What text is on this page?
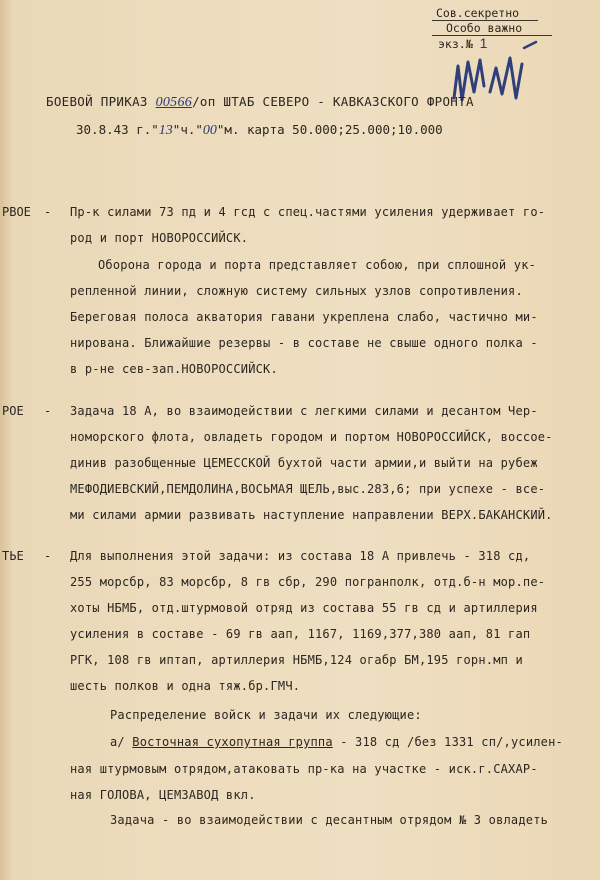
Сов.секретно
Особо важно
экз.№ 1
БОЕВОЙ ПРИКАЗ 00566/оп ШТАБ СЕВЕРО - КАВКАЗСКОГО ФРОНТА
30.8.43 г."13"ч."00"м. карта 50.000;25.000;10.000
РВОЕ - Пр-к силами 73 пд и 4 гсд с спец.частями усиления удерживает го-
род и порт НОВОРОССИЙСК.
Оборона города и порта представляет собою, при сплошной ук-
репленной линии, сложную систему сильных узлов сопротивления.
Береговая полоса акватория гавани укреплена слабо, частично ми-
нирована. Ближайшие резервы - в составе не свыше одного полка -
в р-не сев-зап.НОВОРОССИЙСК.
РОЕ - Задача 18 А, во взаимодействии с легкими силами и десантом Чер-
номорского флота, овладеть городом и портом НОВОРОССИЙСК, воссое-
динив разобщенные ЦЕМЕССКОЙ бухтой части армии,и выйти на рубеж
МЕФОДИЕВСКИЙ,ПЕМДОЛИНА,ВОСЬМАЯ ЩЕЛЬ,выс.283,6; при успехе - все-
ми силами армии развивать наступление направлении ВЕРХ.БАКАНСКИЙ.
ТЬЕ - Для выполнения этой задачи: из состава 18 А привлечь - 318 сд,
255 морсбр, 83 морсбр, 8 гв сбр, 290 погранполк, отд.б-н мор.пе-
хоты НБМБ, отд.штурмовой отряд из состава 55 гв сд и артиллерия
усиления в составе - 69 гв аап, 1167, 1169,377,380 аап, 81 гап
РГК, 108 гв иптап, артиллерия НБМБ,124 огабр БМ,195 горн.мп и
шесть полков и одна тяж.бр.ГМЧ.
Распределение войск и задачи их следующие:
а/ Восточная сухопутная группа - 318 сд /без 1331 сп/,усилен-
ная штурмовым отрядом,атаковать пр-ка на участке - иск.г.САХАР-
ная ГОЛОВА, ЦЕМЗАВОД вкл.
Задача - во взаимодействии с десантным отрядом № 3 овладеть
